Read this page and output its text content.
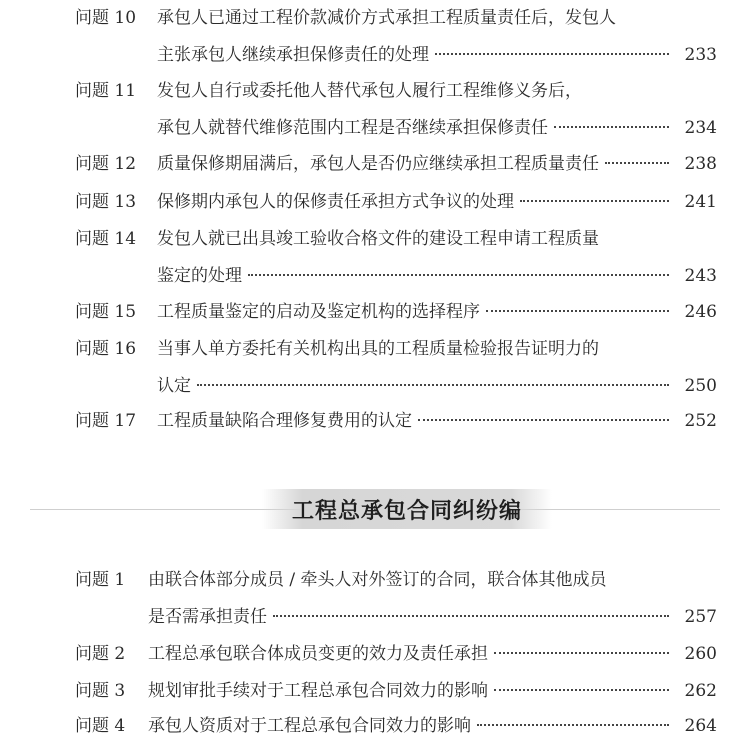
问题 10 承包人已通过工程价款减价方式承担工程质量责任后，发包人
主张承包人继续承担保修责任的处理	233
问题 11 发包人自行或委托他人替代承包人履行工程维修义务后，
承包人就替代维修范围内工程是否继续承担保修责任	234
问题 12 质量保修期届满后，承包人是否仍应继续承担工程质量责任	238
问题 13 保修期内承包人的保修责任承担方式争议的处理	241
问题 14 发包人就已出具竣工验收合格文件的建设工程申请工程质量
鉴定的处理	243
问题 15 工程质量鉴定的启动及鉴定机构的选择程序	246
问题 16 当事人单方委托有关机构出具的工程质量检验报告证明力的
认定	250
问题 17 工程质量缺陷合理修复费用的认定	252
工程总承包合同纠纷编
问题 1 由联合体部分成员 / 牵头人对外签订的合同，联合体其他成员
是否需承担责任	257
问题 2 工程总承包联合体成员变更的效力及责任承担	260
问题 3 规划审批手续对于工程总承包合同效力的影响	262
问题 4 承包人资质对于工程总承包合同效力的影响	264
